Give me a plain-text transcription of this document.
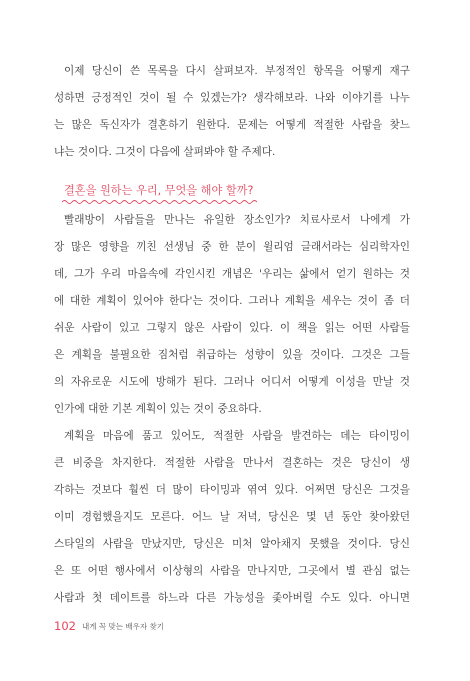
이제 당신이 쓴 목록을 다시 살펴보자. 부정적인 항목을 어떻게 재구
성하면 긍정적인 것이 될 수 있겠는가? 생각해보라. 나와 이야기를 나누
는 많은 독신자가 결혼하기 원한다. 문제는 어떻게 적절한 사람을 찾느
냐는 것이다. 그것이 다음에 살펴봐야 할 주제다.
결혼을 원하는 우리, 무엇을 해야 할까?
빨래방이 사람들을 만나는 유일한 장소인가? 치료사로서 나에게 가
장 많은 영향을 끼친 선생님 중 한 분이 윌리엄 글래서라는 심리학자인
데, 그가 우리 마음속에 각인시킨 개념은 '우리는 삶에서 얻기 원하는 것
에 대한 계획이 있어야 한다'는 것이다. 그러나 계획을 세우는 것이 좀 더
쉬운 사람이 있고 그렇지 않은 사람이 있다. 이 책을 읽는 어떤 사람들
은 계획을 불필요한 짐처럼 취급하는 성향이 있을 것이다. 그것은 그들
의 자유로운 시도에 방해가 된다. 그러나 어디서 어떻게 이성을 만날 것
인가에 대한 기본 계획이 있는 것이 중요하다.
계획을 마음에 품고 있어도, 적절한 사람을 발견하는 데는 타이밍이
큰 비중을 차지한다. 적절한 사람을 만나서 결혼하는 것은 당신이 생
각하는 것보다 훨씬 더 많이 타이밍과 엮여 있다. 어쩌면 당신은 그것을
이미 경험했을지도 모른다. 어느 날 저녁, 당신은 몇 년 동안 찾아왔던
스타일의 사람을 만났지만, 당신은 미처 알아채지 못했을 것이다. 당신
은 또 어떤 행사에서 이상형의 사람을 만나지만, 그곳에서 별 관심 없는
사람과 첫 데이트를 하느라 다른 가능성을 좇아버릴 수도 있다. 아니면
102 내게 꼭 맞는 배우자 찾기
